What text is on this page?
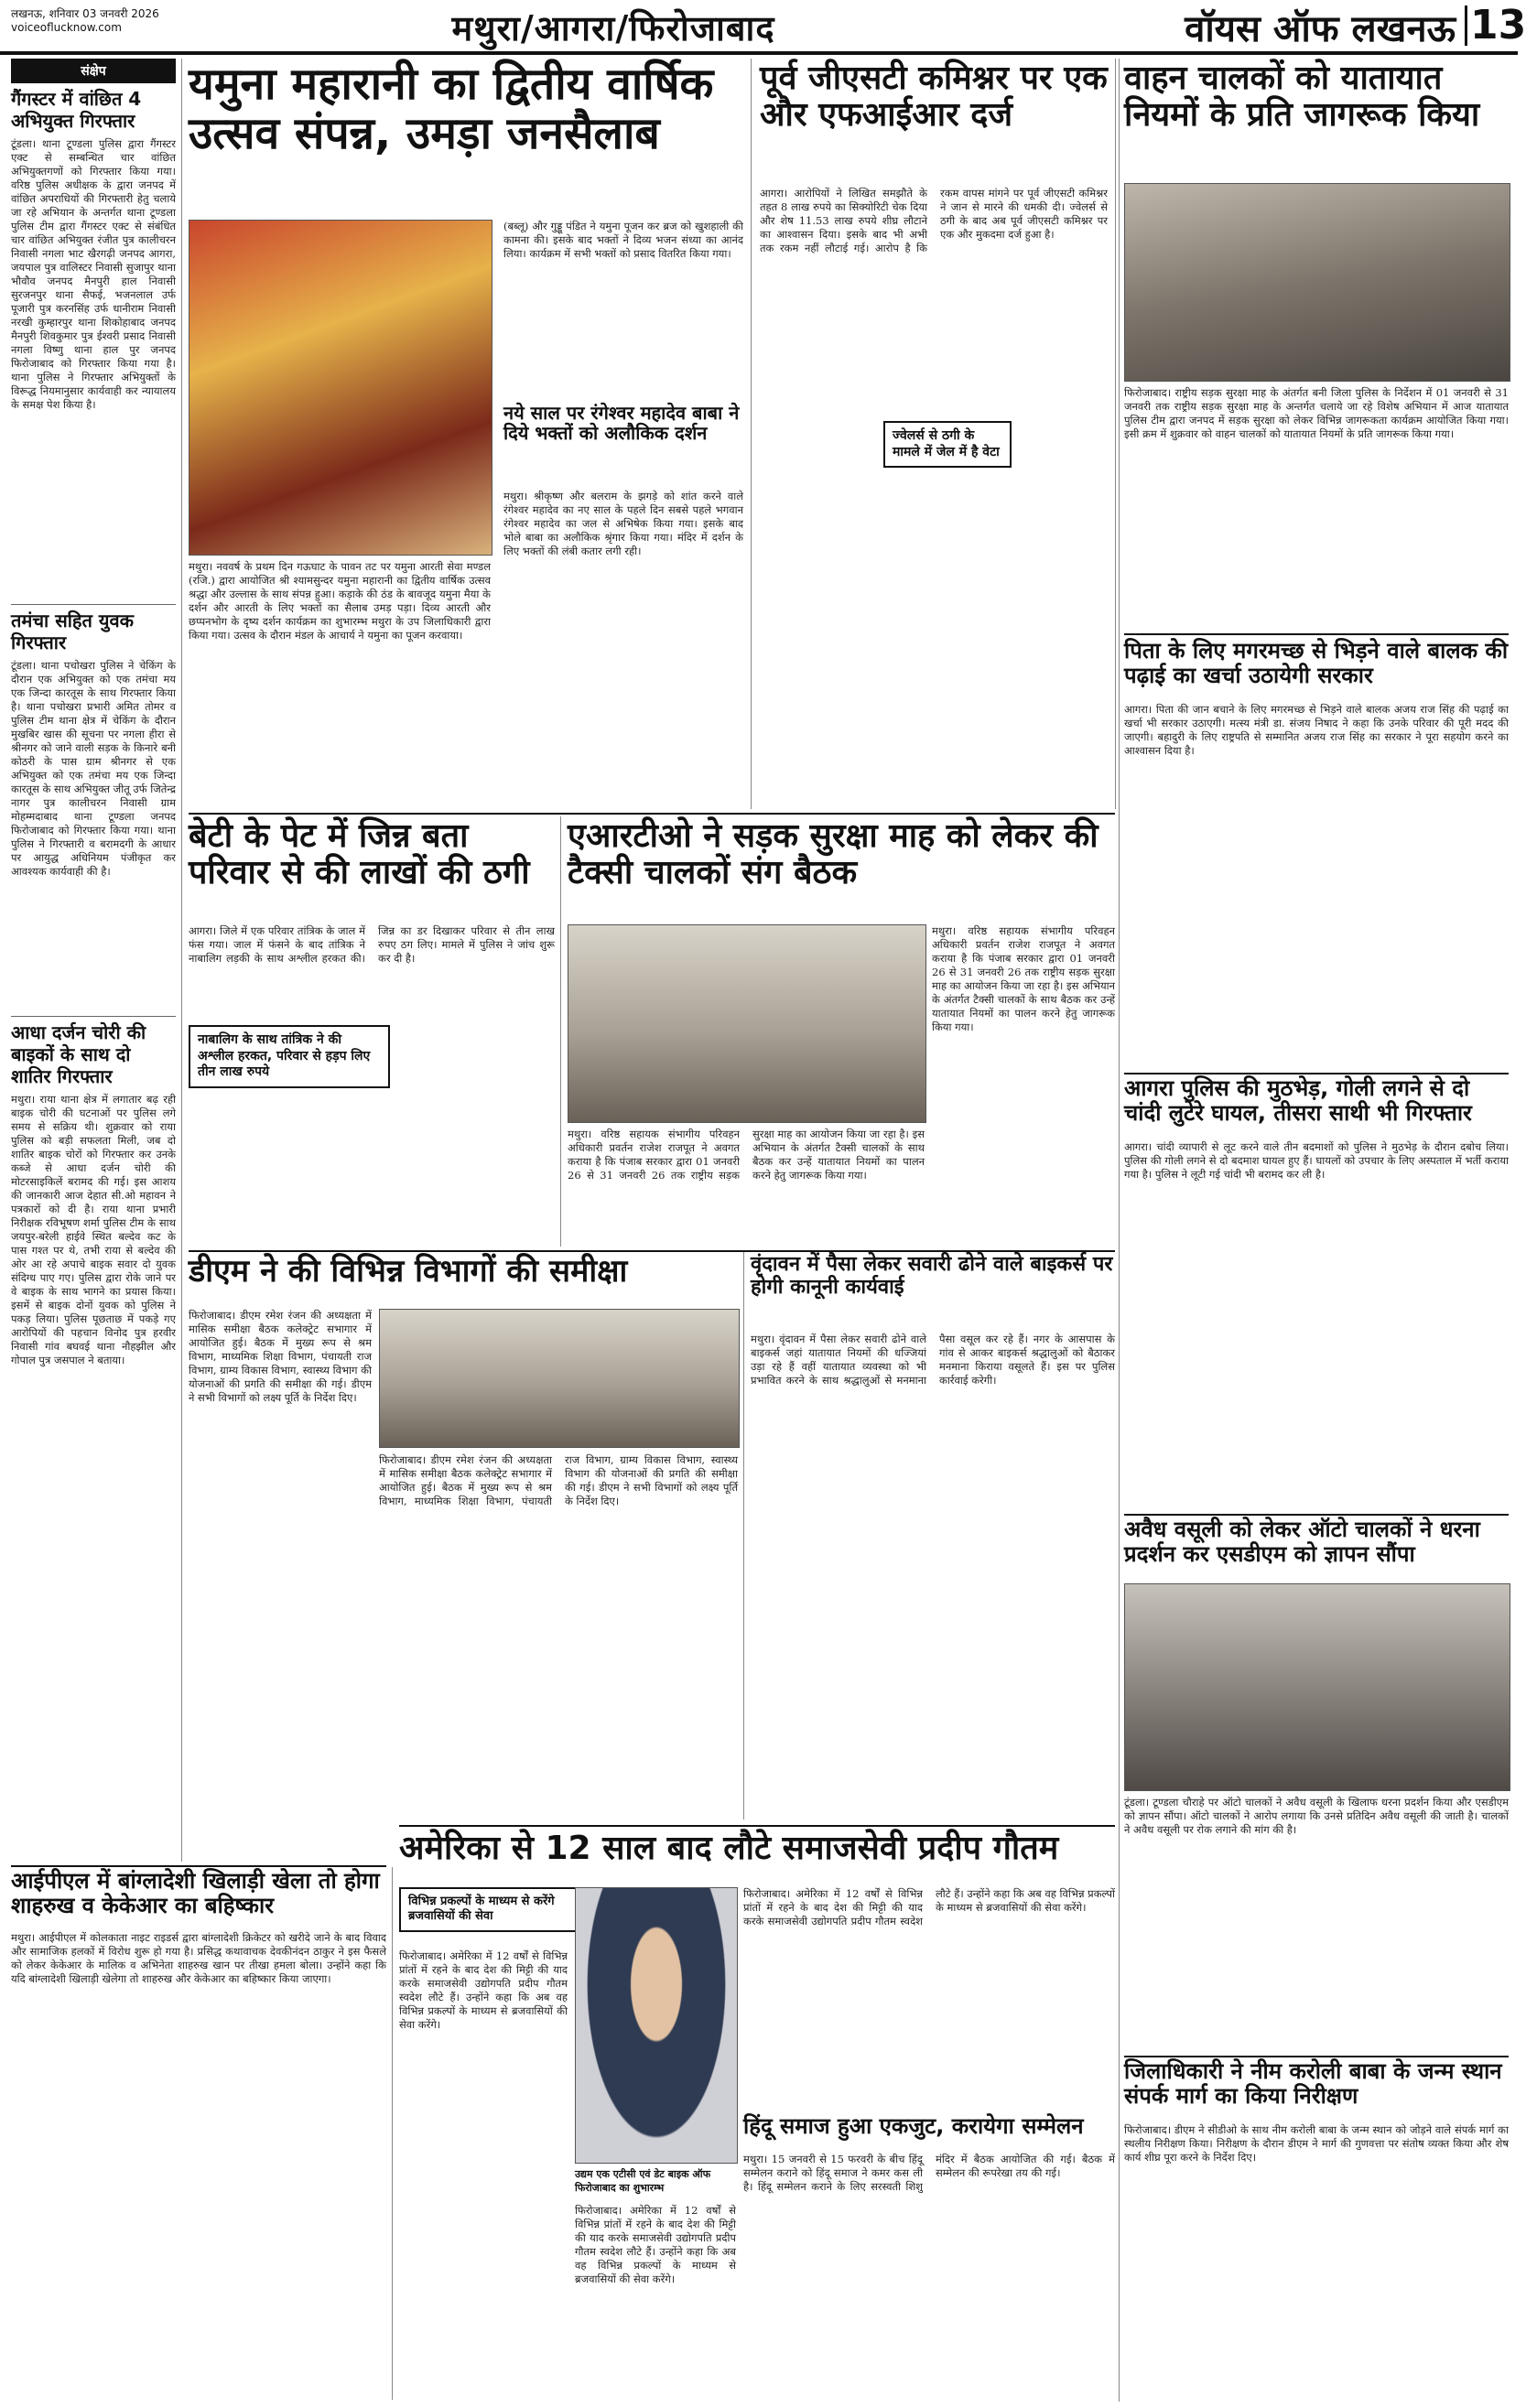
लखनऊ, शनिवार 03 जनवरी 2026
voiceoflucknow.com	मथुरा/आगरा/फिरोजाबाद	वॉयस ऑफ लखनऊ 13
संक्षेप
गैंगस्टर में वांछित 4 अभियुक्त गिरफ्तार
टूंडला। थाना टूण्डला पुलिस द्वारा गैंगस्टर एक्ट से सम्बन्धित चार वांछित अभियुक्तगणों को गिरफ्तार किया गया। वरिष्ठ पुलिस अधीक्षक के द्वारा जनपद में वांछित अपराधियों की गिरफ्तारी हेतु चलाये जा रहे अभियान के अन्तर्गत थाना टूण्डला पुलिस टीम द्वारा गैंगस्टर एक्ट से संबंधित चार वांछित अभियुक्त रंजीत पुत्र कालीचरन निवासी नगला भाट खैरगढ़ी जनपद आगरा, जयपाल पुत्र वालिस्टर निवासी सुजापुर थाना भौवौव जनपद मैनपुरी हाल निवासी सुरजनपुर थाना सैफई, भजनलाल उर्फ पूजारी पुत्र करनसिंह उर्फ धानीराम निवासी नरखी कुम्हारपुर थाना शिकोहाबाद जनपद मैनपुरी शिवकुमार पुत्र ईश्वरी प्रसाद निवासी नगला विष्णु थाना हाल पुर जनपद फिरोजाबाद को गिरफ्तार किया गया है। थाना पुलिस ने गिरफ्तार अभियुक्तों के विरूद्ध नियमानुसार कार्यवाही कर न्यायालय के समक्ष पेश किया है।
तमंचा सहित युवक गिरफ्तार
टूंडला। थाना पचोखरा पुलिस ने चेकिंग के दौरान एक अभियुक्त को एक तमंचा मय एक जिन्दा कारतूस के साथ गिरफ्तार किया है। थाना पचोखरा प्रभारी अमित तोमर व पुलिस टीम थाना क्षेत्र में चेकिंग के दौरान मुखबिर खास की सूचना पर नगला हीरा से श्रीनगर को जाने वाली सड़क के किनारे बनी कोठरी के पास ग्राम श्रीनगर से एक अभियुक्त को एक तमंचा मय एक जिन्दा कारतूस के साथ अभियुक्त जीतू उर्फ जितेन्द्र नागर पुत्र कालीचरन निवासी ग्राम मोहम्मदाबाद थाना टूण्डला जनपद फिरोजाबाद को गिरफ्तार किया गया। थाना पुलिस ने गिरफ्तारी व बरामदगी के आधार पर आयुद्ध अधिनियम पंजीकृत कर आवश्यक कार्यवाही की है।
आधा दर्जन चोरी की बाइकों के साथ दो शातिर गिरफ्तार
मथुरा। राया थाना क्षेत्र में लगातार बढ़ रही बाइक चोरी की घटनाओं पर पुलिस लगे समय से सक्रिय थी। शुक्रवार को राया पुलिस को बड़ी सफलता मिली, जब दो शातिर बाइक चोरों को गिरफ्तार कर उनके कब्जे से आधा दर्जन चोरी की मोटरसाइकिलें बरामद की गई। इस आशय की जानकारी आज देहात सी.ओ महावन ने पत्रकारों को दी है। राया थाना प्रभारी निरीक्षक रविभूषण शर्मा पुलिस टीम के साथ जयपुर-बरेली हाईवे स्थित बल्देव कट के पास गश्त पर थे, तभी राया से बल्देव की ओर आ रहे अपाचे बाइक सवार दो युवक संदिग्ध पाए गए। पुलिस द्वारा रोके जाने पर वे बाइक के साथ भागने का प्रयास किया। इसमें से बाइक दोनों युवक को पुलिस ने पकड़ लिया। पुलिस पूछताछ में पकड़े गए आरोपियों की पहचान विनोद पुत्र हरवीर निवासी गांव बघवई थाना नौहझील और गोपाल पुत्र जसपाल ने बताया।
यमुना महारानी का द्वितीय वार्षिक उत्सव संपन्न, उमड़ा जनसैलाब
(बब्लू) और गुड्डू पंडित ने यमुना पूजन कर ब्रज को खुशहाली की कामना की। इसके बाद भक्तों ने दिव्य भजन संध्या का आनंद लिया। कार्यक्रम में सभी भक्तों को प्रसाद वितरित किया गया।
नये साल पर रंगेश्वर महादेव बाबा ने दिये भक्तों को अलौकिक दर्शन
मथुरा। श्रीकृष्ण और बलराम के झगड़े को शांत करने वाले रंगेश्वर महादेव का नए साल के पहले दिन सबसे पहले भगवान रंगेश्वर महादेव का जल से अभिषेक किया गया। इसके बाद भोले बाबा का अलौकिक श्रृंगार किया गया। मंदिर में दर्शन के लिए भक्तों की लंबी कतार लगी रही।
मथुरा। नववर्ष के प्रथम दिन गऊघाट के पावन तट पर यमुना आरती सेवा मण्डल (रजि.) द्वारा आयोजित श्री श्यामसुन्दर यमुना महारानी का द्वितीय वार्षिक उत्सव श्रद्धा और उल्लास के साथ संपन्न हुआ। कड़ाके की ठंड के बावजूद यमुना मैया के दर्शन और आरती के लिए भक्तों का सैलाब उमड़ पड़ा। दिव्य आरती और छप्पनभोग के दृष्य दर्शन कार्यक्रम का शुभारम्भ मथुरा के उप जिलाधिकारी द्वारा किया गया। उत्सव के दौरान मंडल के आचार्य ने यमुना का पूजन करवाया।
पूर्व जीएसटी कमिश्नर पर एक और एफआईआर दर्ज
आगरा। आरोपियों ने लिखित समझौते के तहत 8 लाख रुपये का सिक्योरिटी चेक दिया और शेष 11.53 लाख रुपये शीघ्र लौटाने का आश्वासन दिया। इसके बाद भी अभी तक रकम नहीं लौटाई गई। आरोप है कि रकम वापस मांगने पर पूर्व जीएसटी कमिश्नर ने जान से मारने की धमकी दी। ज्वेलर्स से ठगी के बाद अब पूर्व जीएसटी कमिश्नर पर एक और मुकदमा दर्ज हुआ है।
ज्वेलर्स से ठगी के मामले में जेल में है वेटा
वाहन चालकों को यातायात नियमों के प्रति जागरूक किया
फिरोजाबाद। राष्ट्रीय सड़क सुरक्षा माह के अंतर्गत बनी जिला पुलिस के निर्देशन में 01 जनवरी से 31 जनवरी तक राष्ट्रीय सड़क सुरक्षा माह के अन्तर्गत चलाये जा रहे विशेष अभियान में आज यातायात पुलिस टीम द्वारा जनपद में सड़क सुरक्षा को लेकर विभिन्न जागरूकता कार्यक्रम आयोजित किया गया। इसी क्रम में शुक्रवार को वाहन चालकों को यातायात नियमों के प्रति जागरूक किया गया।
पिता के लिए मगरमच्छ से भिड़ने वाले बालक की पढ़ाई का खर्चा उठायेगी सरकार
आगरा। पिता की जान बचाने के लिए मगरमच्छ से भिड़ने वाले बालक अजय राज सिंह की पढ़ाई का खर्चा भी सरकार उठाएगी। मत्स्य मंत्री डा. संजय निषाद ने कहा कि उनके परिवार की पूरी मदद की जाएगी। बहादुरी के लिए राष्ट्रपति से सम्मानित अजय राज सिंह का सरकार ने पूरा सहयोग करने का आश्वासन दिया है।
आगरा पुलिस की मुठभेड़, गोली लगने से दो चांदी लुटेरे घायल, तीसरा साथी भी गिरफ्तार
आगरा। चांदी व्यापारी से लूट करने वाले तीन बदमाशों को पुलिस ने मुठभेड़ के दौरान दबोच लिया। पुलिस की गोली लगने से दो बदमाश घायल हुए हैं। घायलों को उपचार के लिए अस्पताल में भर्ती कराया गया है। पुलिस ने लूटी गई चांदी भी बरामद कर ली है।
अवैध वसूली को लेकर ऑटो चालकों ने धरना प्रदर्शन कर एसडीएम को ज्ञापन सौंपा
टूंडला। टूण्डला चौराहे पर ऑटो चालकों ने अवैध वसूली के खिलाफ धरना प्रदर्शन किया और एसडीएम को ज्ञापन सौंपा। ऑटो चालकों ने आरोप लगाया कि उनसे प्रतिदिन अवैध वसूली की जाती है। चालकों ने अवैध वसूली पर रोक लगाने की मांग की है।
जिलाधिकारी ने नीम करोली बाबा के जन्म स्थान संपर्क मार्ग का किया निरीक्षण
फिरोजाबाद। डीएम ने सीडीओ के साथ नीम करोली बाबा के जन्म स्थान को जोड़ने वाले संपर्क मार्ग का स्थलीय निरीक्षण किया। निरीक्षण के दौरान डीएम ने मार्ग की गुणवत्ता पर संतोष व्यक्त किया और शेष कार्य शीघ्र पूरा करने के निर्देश दिए।
बेटी के पेट में जिन्न बता परिवार से की लाखों की ठगी
आगरा। जिले में एक परिवार तांत्रिक के जाल में फंस गया। जाल में फंसने के बाद तांत्रिक ने नाबालिग लड़की के साथ अश्लील हरकत की। जिन्न का डर दिखाकर परिवार से तीन लाख रुपए ठग लिए। मामले में पुलिस ने जांच शुरू कर दी है।
नाबालिग के साथ तांत्रिक ने की अश्लील हरकत, परिवार से हड़प लिए तीन लाख रुपये
एआरटीओ ने सड़क सुरक्षा माह को लेकर की टैक्सी चालकों संग बैठक
मथुरा। वरिष्ठ सहायक संभागीय परिवहन अधिकारी प्रवर्तन राजेश राजपूत ने अवगत कराया है कि पंजाब सरकार द्वारा 01 जनवरी 26 से 31 जनवरी 26 तक राष्ट्रीय सड़क सुरक्षा माह का आयोजन किया जा रहा है। इस अभियान के अंतर्गत टैक्सी चालकों के साथ बैठक कर उन्हें यातायात नियमों का पालन करने हेतु जागरूक किया गया।
मथुरा। वरिष्ठ सहायक संभागीय परिवहन अधिकारी प्रवर्तन राजेश राजपूत ने अवगत कराया है कि पंजाब सरकार द्वारा 01 जनवरी 26 से 31 जनवरी 26 तक राष्ट्रीय सड़क सुरक्षा माह का आयोजन किया जा रहा है। इस अभियान के अंतर्गत टैक्सी चालकों के साथ बैठक कर उन्हें यातायात नियमों का पालन करने हेतु जागरूक किया गया।
डीएम ने की विभिन्न विभागों की समीक्षा
फिरोजाबाद। डीएम रमेश रंजन की अध्यक्षता में मासिक समीक्षा बैठक कलेक्ट्रेट सभागार में आयोजित हुई। बैठक में मुख्य रूप से श्रम विभाग, माध्यमिक शिक्षा विभाग, पंचायती राज विभाग, ग्राम्य विकास विभाग, स्वास्थ्य विभाग की योजनाओं की प्रगति की समीक्षा की गई। डीएम ने सभी विभागों को लक्ष्य पूर्ति के निर्देश दिए।
फिरोजाबाद। डीएम रमेश रंजन की अध्यक्षता में मासिक समीक्षा बैठक कलेक्ट्रेट सभागार में आयोजित हुई। बैठक में मुख्य रूप से श्रम विभाग, माध्यमिक शिक्षा विभाग, पंचायती राज विभाग, ग्राम्य विकास विभाग, स्वास्थ्य विभाग की योजनाओं की प्रगति की समीक्षा की गई। डीएम ने सभी विभागों को लक्ष्य पूर्ति के निर्देश दिए।
वृंदावन में पैसा लेकर सवारी ढोने वाले बाइकर्स पर होगी कानूनी कार्यवाई
मथुरा। वृंदावन में पैसा लेकर सवारी ढोने वाले बाइकर्स जहां यातायात नियमों की धज्जियां उड़ा रहे हैं वहीं यातायात व्यवस्था को भी प्रभावित करने के साथ श्रद्धालुओं से मनमाना पैसा वसूल कर रहे हैं। नगर के आसपास के गांव से आकर बाइकर्स श्रद्धालुओं को बैठाकर मनमाना किराया वसूलते हैं। इस पर पुलिस कार्रवाई करेगी।
आईपीएल में बांग्लादेशी खिलाड़ी खेला तो होगा शाहरुख व केकेआर का बहिष्कार
मथुरा। आईपीएल में कोलकाता नाइट राइडर्स द्वारा बांग्लादेशी क्रिकेटर को खरीदे जाने के बाद विवाद और सामाजिक हलकों में विरोध शुरू हो गया है। प्रसिद्ध कथावाचक देवकीनंदन ठाकुर ने इस फैसले को लेकर केकेआर के मालिक व अभिनेता शाहरुख खान पर तीखा हमला बोला। उन्होंने कहा कि यदि बांग्लादेशी खिलाड़ी खेलेगा तो शाहरुख और केकेआर का बहिष्कार किया जाएगा।
अमेरिका से 12 साल बाद लौटे समाजसेवी प्रदीप गौतम
विभिन्न प्रकल्पों के माध्यम से करेंगे ब्रजवासियों की सेवा
फिरोजाबाद। अमेरिका में 12 वर्षों से विभिन्न प्रांतों में रहने के बाद देश की मिट्टी की याद करके समाजसेवी उद्योगपति प्रदीप गौतम स्वदेश लौटे हैं। उन्होंने कहा कि अब वह विभिन्न प्रकल्पों के माध्यम से ब्रजवासियों की सेवा करेंगे।
उद्यम एक एटीसी एवं डेट बाइक ऑफ फिरोजाबाद का शुभारम्भ
फिरोजाबाद। अमेरिका में 12 वर्षों से विभिन्न प्रांतों में रहने के बाद देश की मिट्टी की याद करके समाजसेवी उद्योगपति प्रदीप गौतम स्वदेश लौटे हैं। उन्होंने कहा कि अब वह विभिन्न प्रकल्पों के माध्यम से ब्रजवासियों की सेवा करेंगे।
फिरोजाबाद। अमेरिका में 12 वर्षों से विभिन्न प्रांतों में रहने के बाद देश की मिट्टी की याद करके समाजसेवी उद्योगपति प्रदीप गौतम स्वदेश लौटे हैं। उन्होंने कहा कि अब वह विभिन्न प्रकल्पों के माध्यम से ब्रजवासियों की सेवा करेंगे।
हिंदू समाज हुआ एकजुट, करायेगा सम्मेलन
मथुरा। 15 जनवरी से 15 फरवरी के बीच हिंदू सम्मेलन कराने को हिंदू समाज ने कमर कस ली है। हिंदू सम्मेलन कराने के लिए सरस्वती शिशु मंदिर में बैठक आयोजित की गई। बैठक में सम्मेलन की रूपरेखा तय की गई।
